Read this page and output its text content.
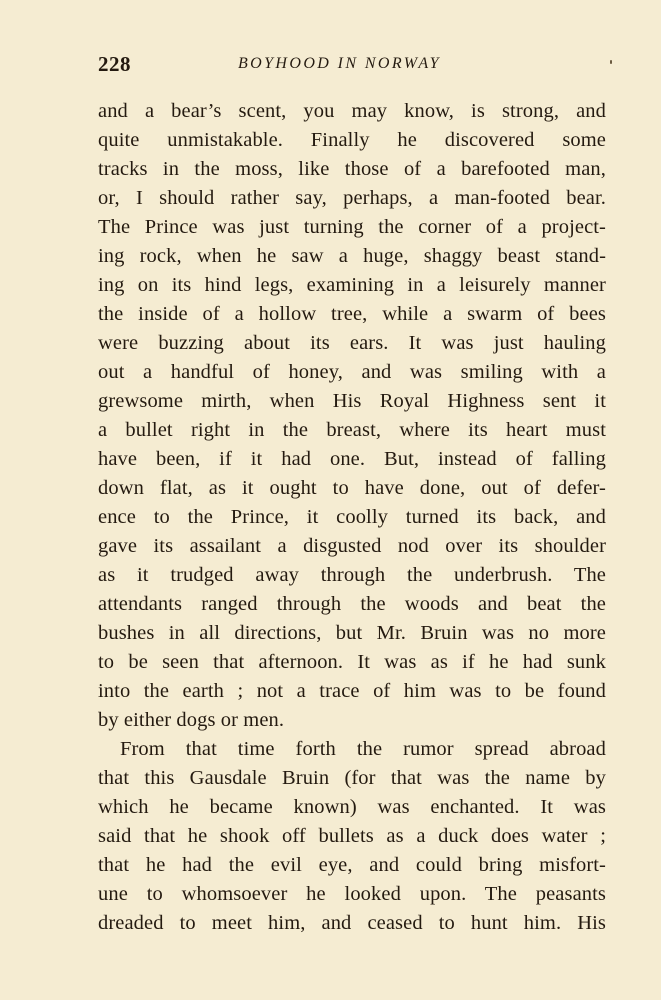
228	BOYHOOD IN NORWAY
and a bear’s scent, you may know, is strong, and
quite unmistakable. Finally he discovered some
tracks in the moss, like those of a barefooted man,
or, I should rather say, perhaps, a man-footed bear.
The Prince was just turning the corner of a project-
ing rock, when he saw a huge, shaggy beast stand-
ing on its hind legs, examining in a leisurely manner
the inside of a hollow tree, while a swarm of bees
were buzzing about its ears. It was just hauling
out a handful of honey, and was smiling with a
grewsome mirth, when His Royal Highness sent it
a bullet right in the breast, where its heart must
have been, if it had one. But, instead of falling
down flat, as it ought to have done, out of defer-
ence to the Prince, it coolly turned its back, and
gave its assailant a disgusted nod over its shoulder
as it trudged away through the underbrush. The
attendants ranged through the woods and beat the
bushes in all directions, but Mr. Bruin was no more
to be seen that afternoon. It was as if he had sunk
into the earth ; not a trace of him was to be found
by either dogs or men.
From that time forth the rumor spread abroad
that this Gausdale Bruin (for that was the name by
which he became known) was enchanted. It was
said that he shook off bullets as a duck does water ;
that he had the evil eye, and could bring misfort-
une to whomsoever he looked upon. The peasants
dreaded to meet him, and ceased to hunt him. His
